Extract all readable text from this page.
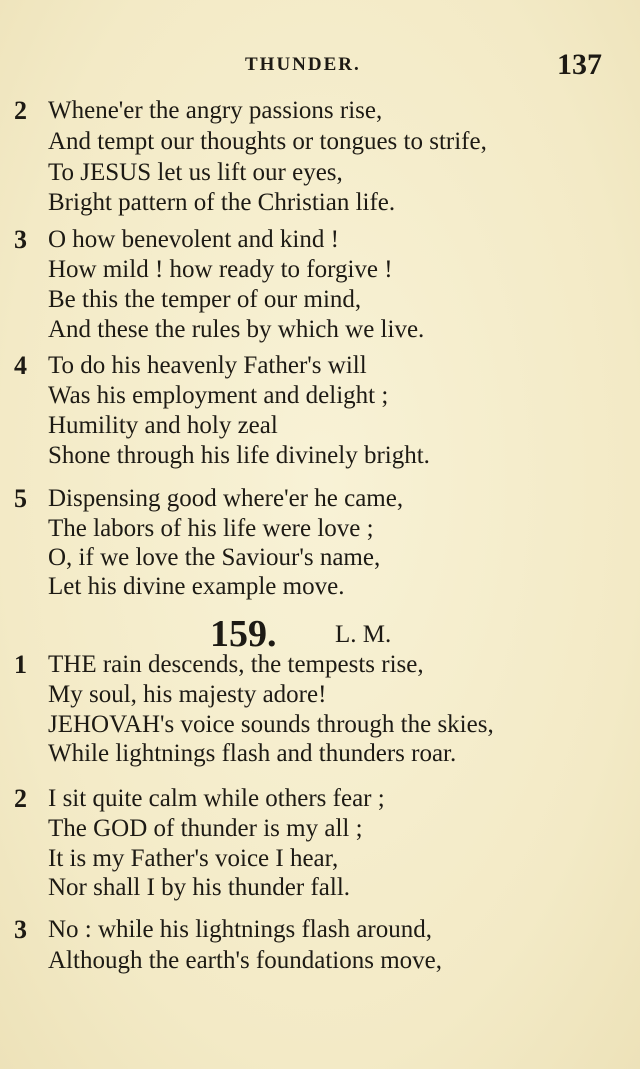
THUNDER.	137
2 Whene'er the angry passions rise,
And tempt our thoughts or tongues to strife,
To JESUS let us lift our eyes,
Bright pattern of the Christian life.
3 O how benevolent and kind !
How mild ! how ready to forgive !
Be this the temper of our mind,
And these the rules by which we live.
4 To do his heavenly Father's will
Was his employment and delight ;
Humility and holy zeal
Shone through his life divinely bright.
5 Dispensing good where'er he came,
The labors of his life were love ;
O, if we love the Saviour's name,
Let his divine example move.
159. L. M.
1 THE rain descends, the tempests rise,
My soul, his majesty adore!
JEHOVAH's voice sounds through the skies,
While lightnings flash and thunders roar.
2 I sit quite calm while others fear ;
The GOD of thunder is my all ;
It is my Father's voice I hear,
Nor shall I by his thunder fall.
3 No : while his lightnings flash around,
Although the earth's foundations move,
